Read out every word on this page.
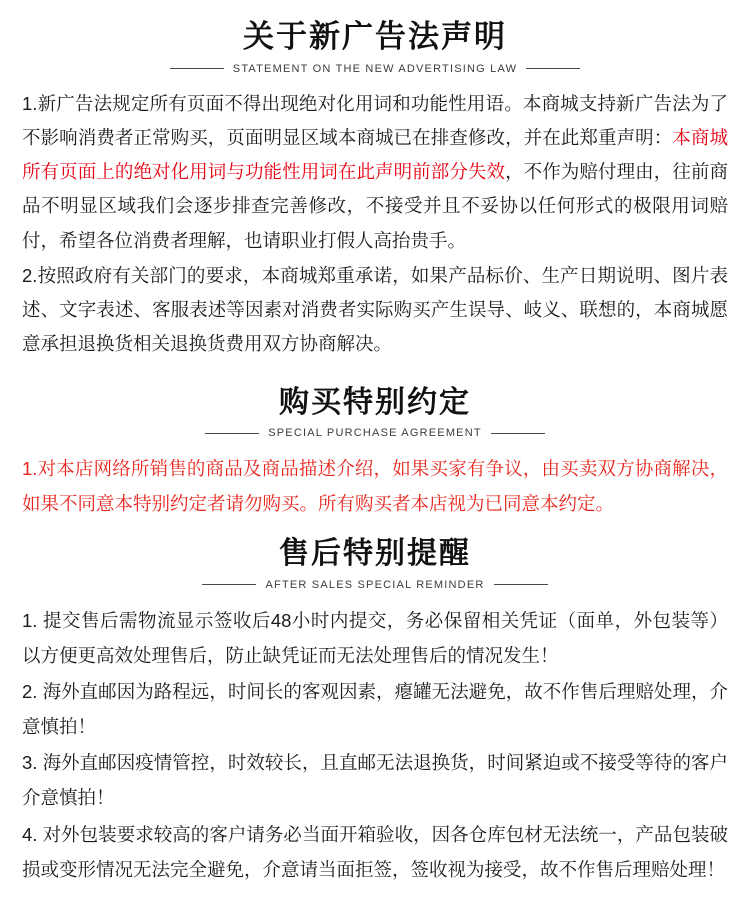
关于新广告法声明
STATEMENT ON THE NEW ADVERTISING LAW

1.新广告法规定所有页面不得出现绝对化用词和功能性用语。本商城支持新广告法为了不影响消费者正常购买，页面明显区域本商城已在排查修改，并在此郑重声明：本商城所有页面上的绝对化用词与功能性用词在此声明前部分失效，不作为赔付理由，往前商品不明显区域我们会逐步排查完善修改，不接受并且不妥协以任何形式的极限用词赔付，希望各位消费者理解，也请职业打假人高抬贵手。

2.按照政府有关部门的要求，本商城郑重承诺，如果产品标价、生产日期说明、图片表述、文字表述、客服表述等因素对消费者实际购买产生误导、岐义、联想的，本商城愿意承担退换货相关退换货费用双方协商解决。

购买特别约定
SPECIAL PURCHASE AGREEMENT

1.对本店网络所销售的商品及商品描述介绍，如果买家有争议，由买卖双方协商解决，如果不同意本特别约定者请勿购买。所有购买者本店视为已同意本约定。

售后特别提醒
AFTER SALES SPECIAL REMINDER

1. 提交售后需物流显示签收后48小时内提交，务必保留相关凭证（面单，外包装等）以方便更高效处理售后，防止缺凭证而无法处理售后的情况发生！

2. 海外直邮因为路程远，时间长的客观因素，瘪罐无法避免，故不作售后理赔处理，介意慎拍！

3. 海外直邮因疫情管控，时效较长，且直邮无法退换货，时间紧迫或不接受等待的客户介意慎拍！

4. 对外包装要求较高的客户请务必当面开箱验收，因各仓库包材无法统一，产品包装破损或变形情况无法完全避免，介意请当面拒签，签收视为接受，故不作售后理赔处理！
